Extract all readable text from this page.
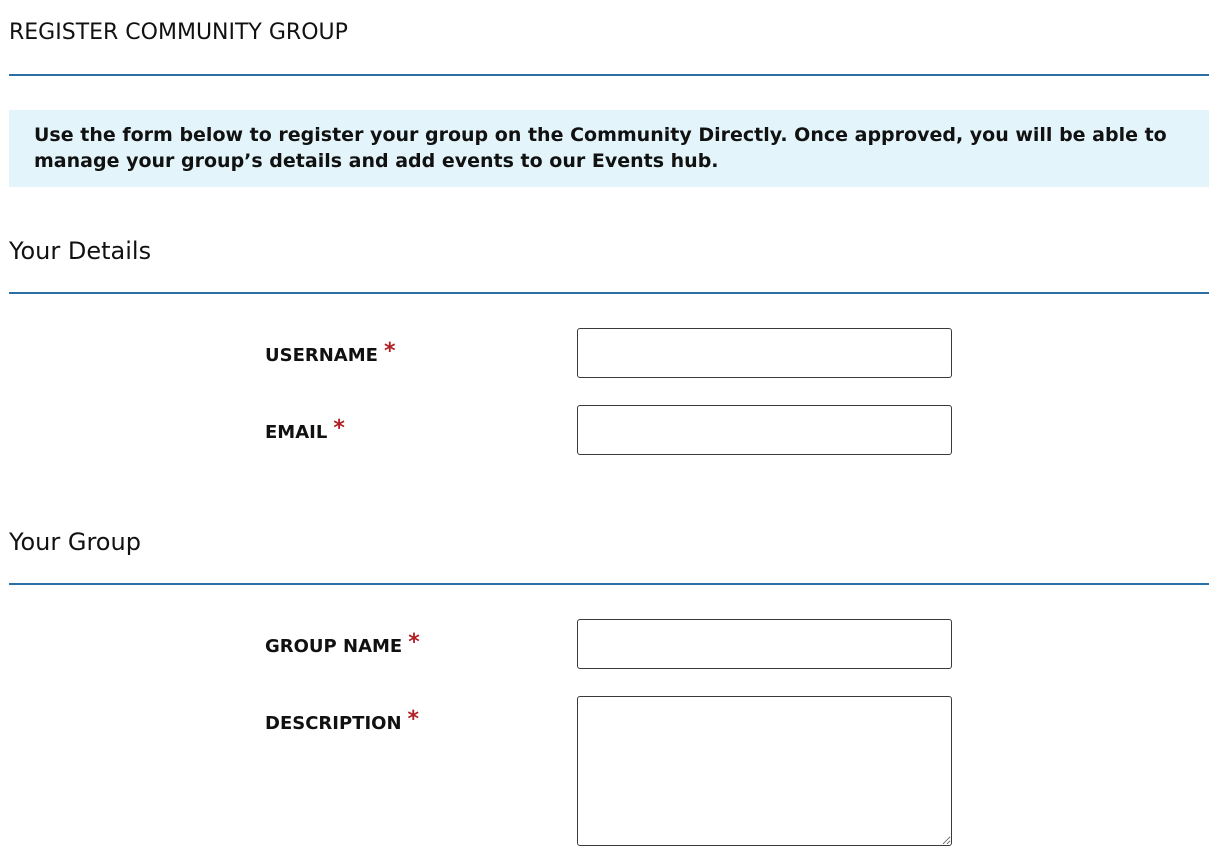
REGISTER COMMUNITY GROUP
Use the form below to register your group on the Community Directly. Once approved, you will be able to manage your group’s details and add events to our Events hub.
Your Details
USERNAME *
EMAIL *
Your Group
GROUP NAME *
DESCRIPTION *
